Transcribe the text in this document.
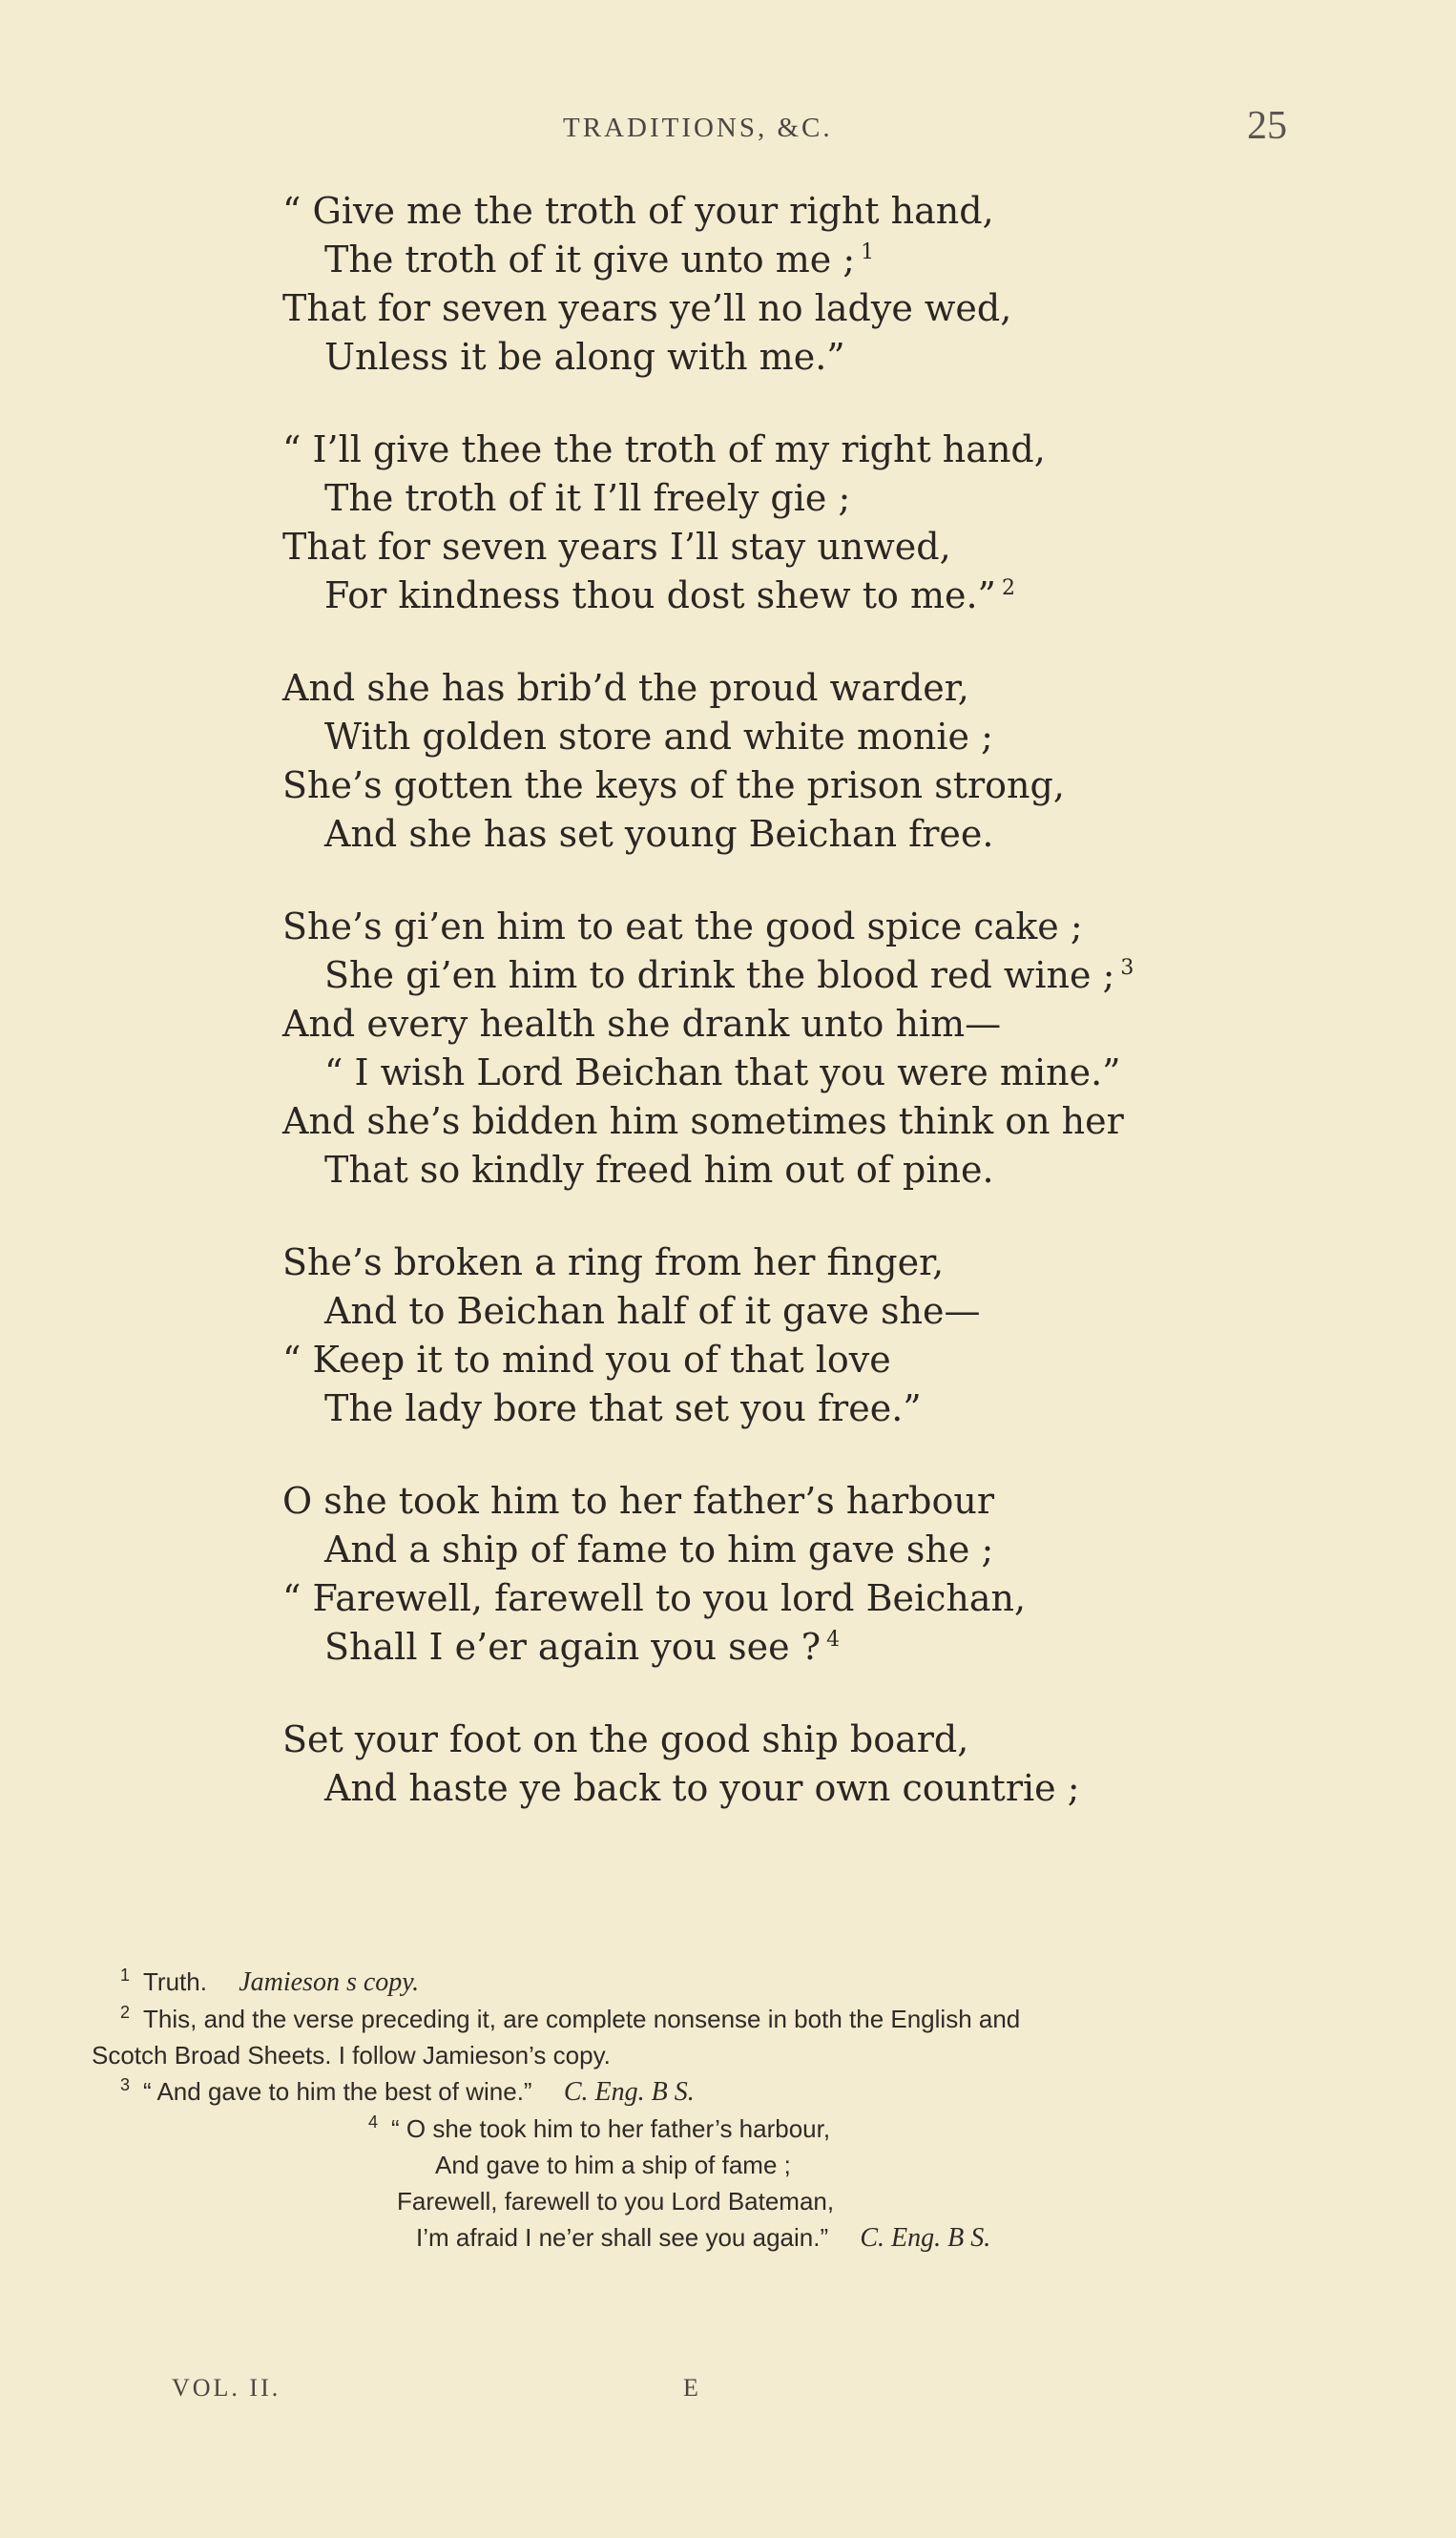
TRADITIONS, &C.	25
“ Give me the troth of your right hand,
The troth of it give unto me ; $^1$
That for seven years ye’ll no ladye wed,
Unless it be along with me.”
“ I’ll give thee the troth of my right hand,
The troth of it I’ll freely gie ;
That for seven years I’ll stay unwed,
For kindness thou dost shew to me.” $^2$
And she has brib’d the proud warder,
With golden store and white monie ;
She’s gotten the keys of the prison strong,
And she has set young Beichan free.
She’s gi’en him to eat the good spice cake ;
She gi’en him to drink the blood red wine ; $^3$
And every health she drank unto him—
“ I wish Lord Beichan that you were mine.”
And she’s bidden him sometimes think on her
That so kindly freed him out of pine.
She’s broken a ring from her finger,
And to Beichan half of it gave she—
“ Keep it to mind you of that love
The lady bore that set you free.”
O she took him to her father’s harbour
And a ship of fame to him gave she ;
“ Farewell, farewell to you lord Beichan,
Shall I e’er again you see ? $^4$
Set your foot on the good ship board,
And haste ye back to your own countrie ;
$^1$ Truth. Jamieson s copy.
$^2$ This, and the verse preceding it, are complete nonsense in both the English and
Scotch Broad Sheets. I follow Jamieson’s copy.
$^3$ “ And gave to him the best of wine.” C. Eng. B S.
$^4$ “ O she took him to her father’s harbour,
And gave to him a ship of fame ;
Farewell, farewell to you Lord Bateman,
I’m afraid I ne’er shall see you again.” C. Eng. B S.
VOL. II.	E
